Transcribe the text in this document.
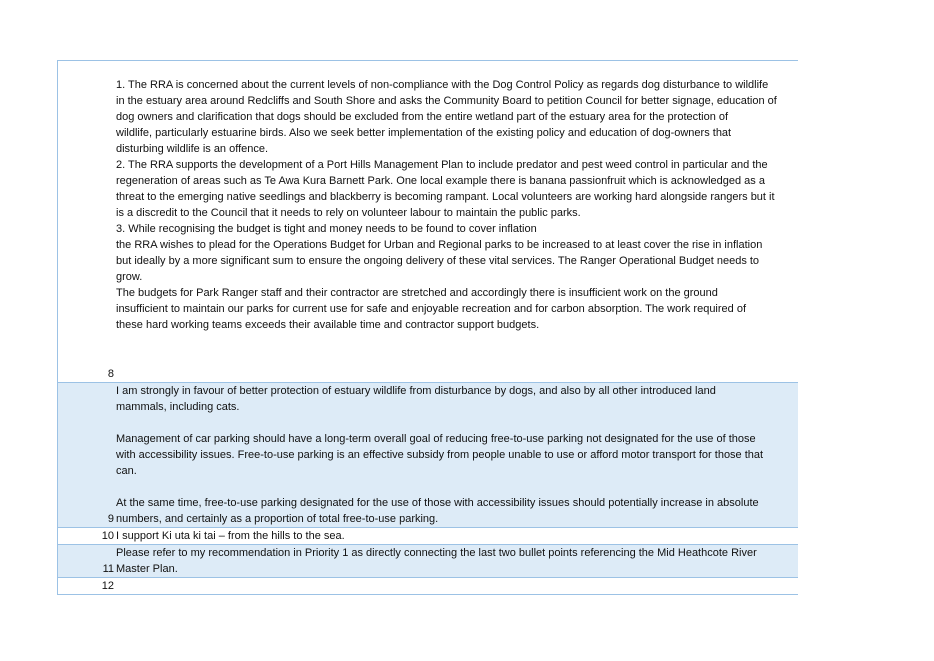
1. The RRA is concerned about the current levels of non-compliance with the Dog Control Policy as regards dog disturbance to wildlife
in the estuary area around Redcliffs and South Shore and asks the Community Board to petition Council for better signage, education of
dog owners and clarification that dogs should be excluded from the entire wetland part of the estuary area for the protection of
wildlife, particularly estuarine birds. Also we seek better implementation of the existing policy and education of dog-owners that
disturbing wildlife is an offence.
2. The RRA supports the development of a Port Hills Management Plan to include predator and pest weed control in particular and the
regeneration of areas such as Te Awa Kura Barnett Park. One local example there is banana passionfruit which is acknowledged as a
threat to the emerging native seedlings and blackberry is becoming rampant. Local volunteers are working hard alongside rangers but it
is a discredit to the Council that it needs to rely on volunteer labour to maintain the public parks.
3. While recognising the budget is tight and money needs to be found to cover inflation
the RRA wishes to plead for the Operations Budget for Urban and Regional parks to be increased to at least cover the rise in inflation
but ideally by a more significant sum to ensure the ongoing delivery of these vital services. The Ranger Operational Budget needs to
grow.
The budgets for Park Ranger staff and their contractor are stretched and accordingly there is insufficient work on the ground
insufficient to maintain our parks for current use for safe and enjoyable recreation and for carbon absorption. The work required of
these hard working teams exceeds their available time and contractor support budgets.
8
9
I am strongly in favour of better protection of estuary wildlife from disturbance by dogs, and also by all other introduced land
mammals, including cats.
Management of car parking should have a long-term overall goal of reducing free-to-use parking not designated for the use of those
with accessibility issues. Free-to-use parking is an effective subsidy from people unable to use or afford motor transport for those that
can.
At the same time, free-to-use parking designated for the use of those with accessibility issues should potentially increase in absolute
numbers, and certainly as a proportion of total free-to-use parking.
10 I support Ki uta ki tai – from the hills to the sea.
11
Please refer to my recommendation in Priority 1 as directly connecting the last two bullet points referencing the Mid Heathcote River
Master Plan.
12
